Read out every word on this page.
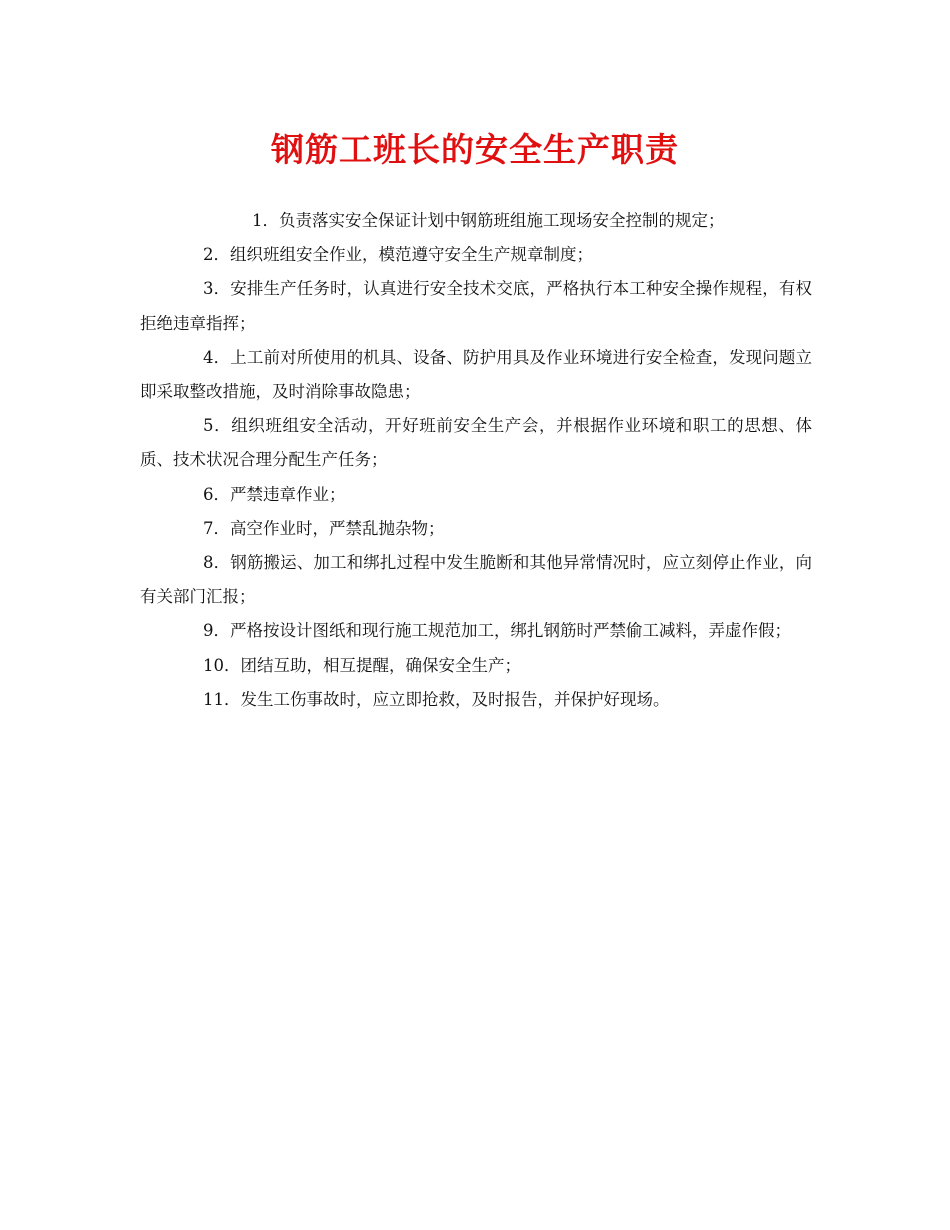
钢筋工班长的安全生产职责

1．负责落实安全保证计划中钢筋班组施工现场安全控制的规定；

2．组织班组安全作业，模范遵守安全生产规章制度；

3．安排生产任务时，认真进行安全技术交底，严格执行本工种安全操作规程，有权拒绝违章指挥；

4．上工前对所使用的机具、设备、防护用具及作业环境进行安全检查，发现问题立即采取整改措施，及时消除事故隐患；

5．组织班组安全活动，开好班前安全生产会，并根据作业环境和职工的思想、体质、技术状况合理分配生产任务；

6．严禁违章作业；

7．高空作业时，严禁乱抛杂物；

8．钢筋搬运、加工和绑扎过程中发生脆断和其他异常情况时，应立刻停止作业，向有关部门汇报；

9．严格按设计图纸和现行施工规范加工，绑扎钢筋时严禁偷工减料，弄虚作假；

10．团结互助，相互提醒，确保安全生产；

11．发生工伤事故时，应立即抢救，及时报告，并保护好现场。
